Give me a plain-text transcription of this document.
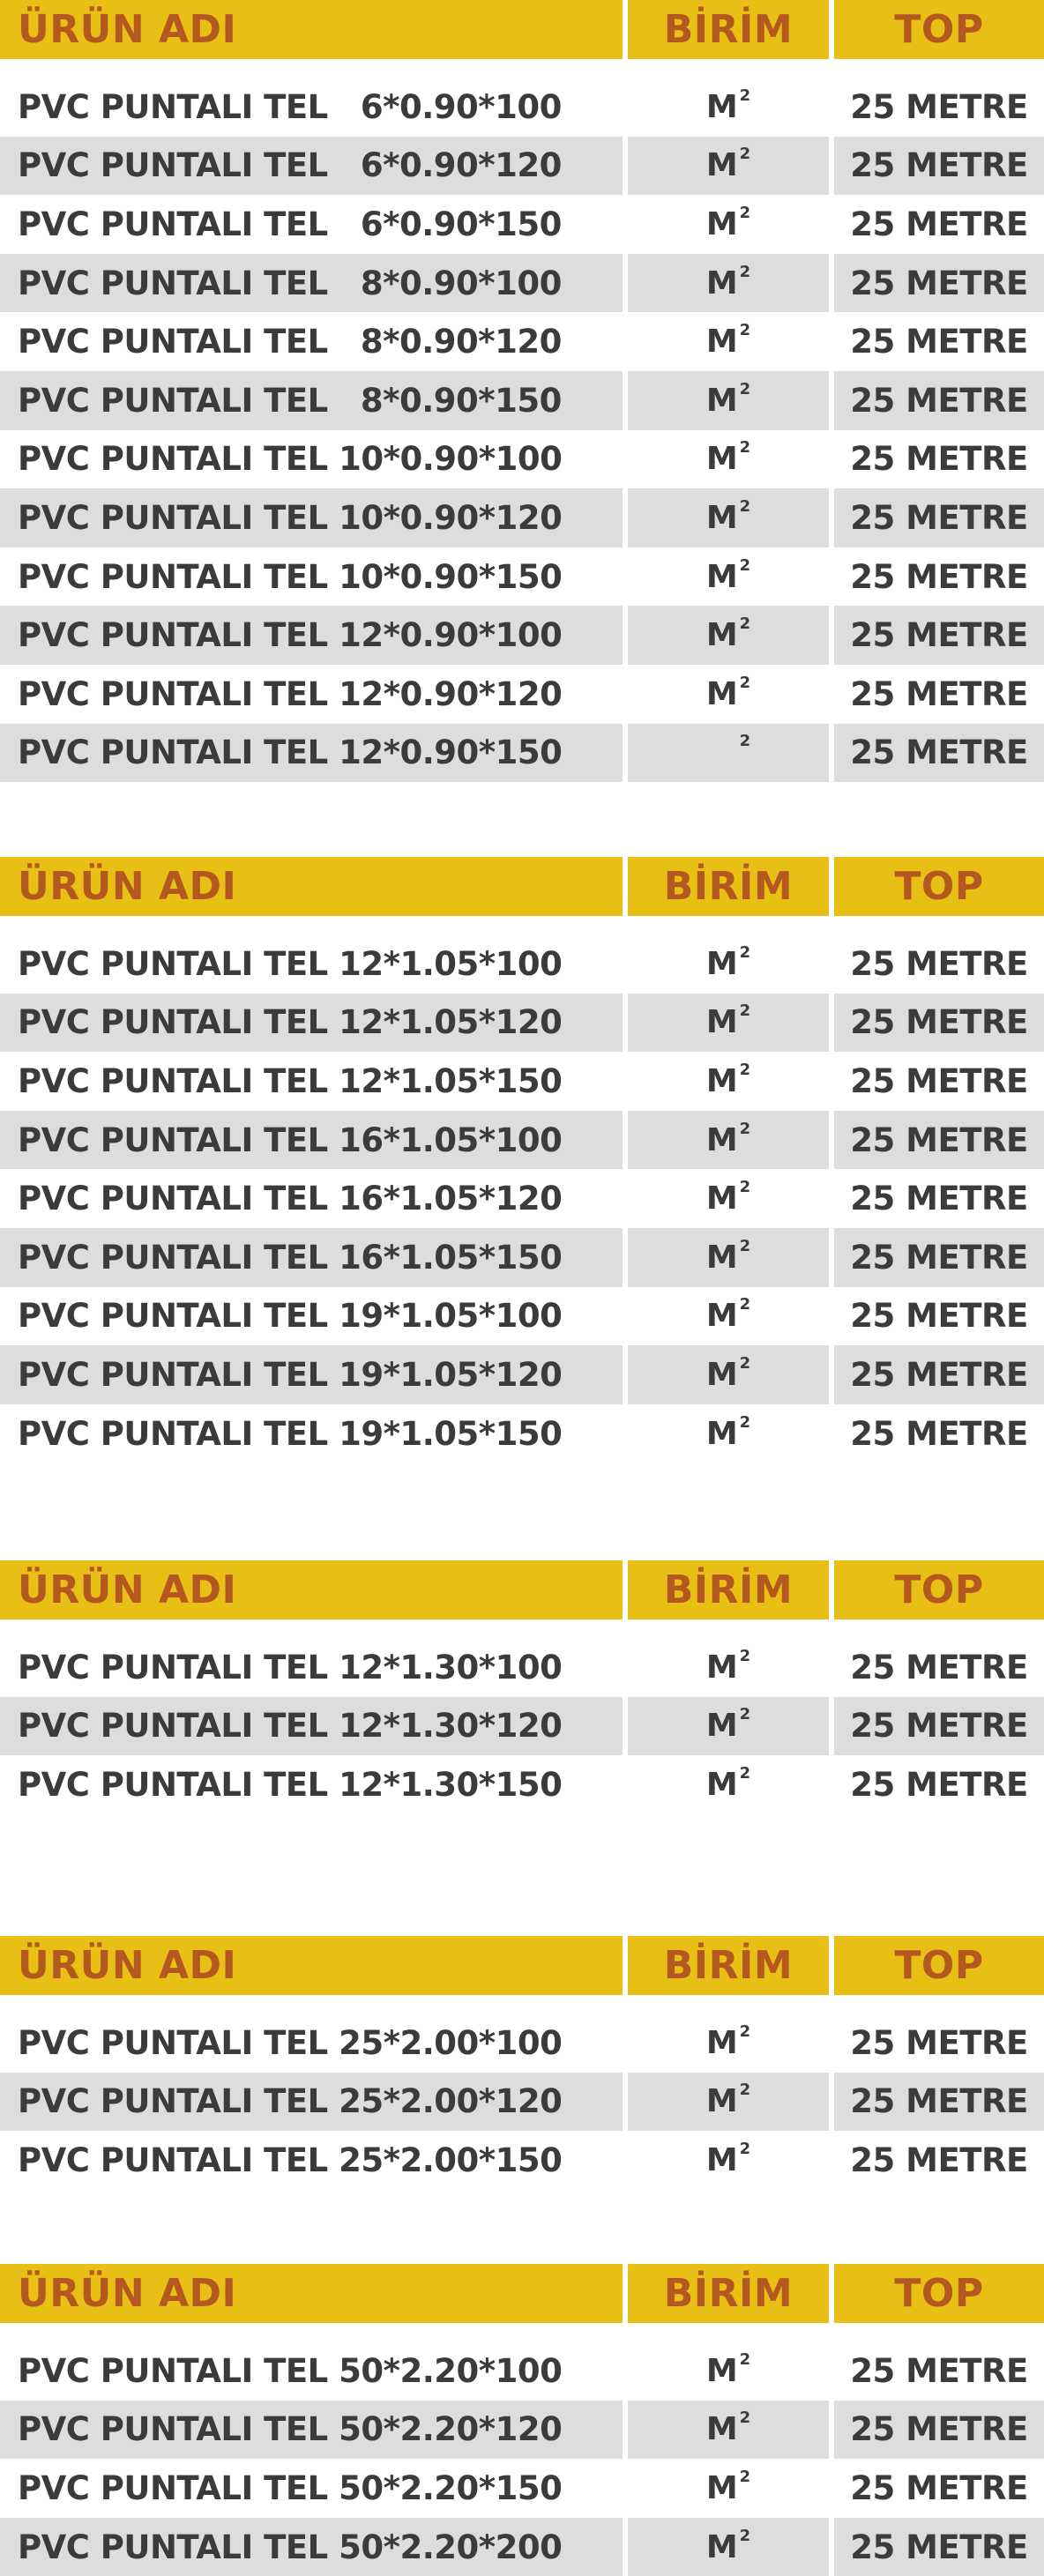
ÜRÜN ADI	BİRİM	TOP
PVC PUNTALI TEL   6*0.90*100	M $^2$	25 METRE
PVC PUNTALI TEL   6*0.90*120	M $^2$	25 METRE
PVC PUNTALI TEL   6*0.90*150	M $^2$	25 METRE
PVC PUNTALI TEL   8*0.90*100	M $^2$	25 METRE
PVC PUNTALI TEL   8*0.90*120	M $^2$	25 METRE
PVC PUNTALI TEL   8*0.90*150	M $^2$	25 METRE
PVC PUNTALI TEL 10*0.90*100	M $^2$	25 METRE
PVC PUNTALI TEL 10*0.90*120	M $^2$	25 METRE
PVC PUNTALI TEL 10*0.90*150	M $^2$	25 METRE
PVC PUNTALI TEL 12*0.90*100	M $^2$	25 METRE
PVC PUNTALI TEL 12*0.90*120	M $^2$	25 METRE
PVC PUNTALI TEL 12*0.90*150	$^2$	25 METRE
ÜRÜN ADI	BİRİM	TOP
PVC PUNTALI TEL 12*1.05*100	M $^2$	25 METRE
PVC PUNTALI TEL 12*1.05*120	M $^2$	25 METRE
PVC PUNTALI TEL 12*1.05*150	M $^2$	25 METRE
PVC PUNTALI TEL 16*1.05*100	M $^2$	25 METRE
PVC PUNTALI TEL 16*1.05*120	M $^2$	25 METRE
PVC PUNTALI TEL 16*1.05*150	M $^2$	25 METRE
PVC PUNTALI TEL 19*1.05*100	M $^2$	25 METRE
PVC PUNTALI TEL 19*1.05*120	M $^2$	25 METRE
PVC PUNTALI TEL 19*1.05*150	M $^2$	25 METRE
ÜRÜN ADI	BİRİM	TOP
PVC PUNTALI TEL 12*1.30*100	M $^2$	25 METRE
PVC PUNTALI TEL 12*1.30*120	M $^2$	25 METRE
PVC PUNTALI TEL 12*1.30*150	M $^2$	25 METRE
ÜRÜN ADI	BİRİM	TOP
PVC PUNTALI TEL 25*2.00*100	M $^2$	25 METRE
PVC PUNTALI TEL 25*2.00*120	M $^2$	25 METRE
PVC PUNTALI TEL 25*2.00*150	M $^2$	25 METRE
ÜRÜN ADI	BİRİM	TOP
PVC PUNTALI TEL 50*2.20*100	M $^2$	25 METRE
PVC PUNTALI TEL 50*2.20*120	M $^2$	25 METRE
PVC PUNTALI TEL 50*2.20*150	M $^2$	25 METRE
PVC PUNTALI TEL 50*2.20*200	M $^2$	25 METRE
